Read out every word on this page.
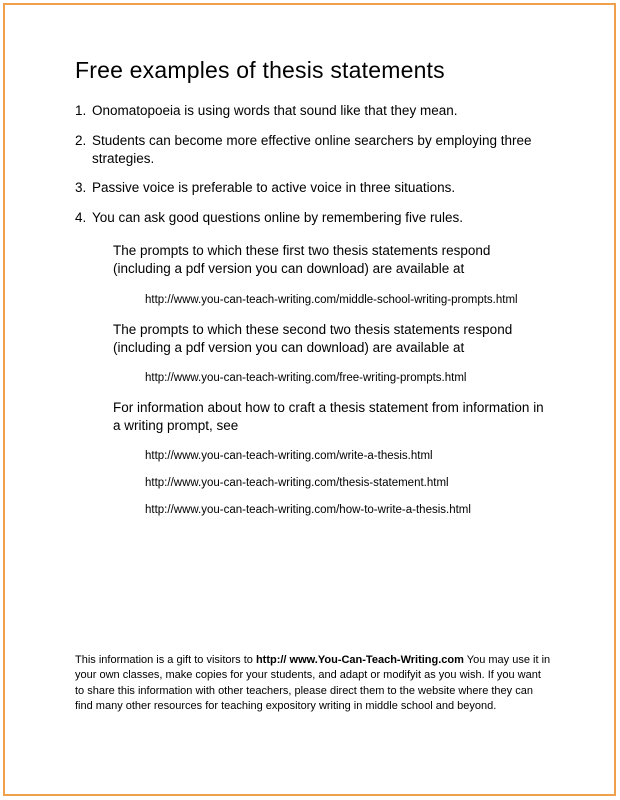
Free examples of thesis statements
1. Onomatopoeia is using words that sound like that they mean.
2. Students can become more effective online searchers by employing three strategies.
3. Passive voice is preferable to active voice in three situations.
4. You can ask good questions online by remembering five rules.

The prompts to which these first two thesis statements respond (including a pdf version you can download) are available at

http://www.you-can-teach-writing.com/middle-school-writing-prompts.html

The prompts to which these second two thesis statements respond (including a pdf version you can download) are available at

http://www.you-can-teach-writing.com/free-writing-prompts.html

For information about how to craft a thesis statement from information in a writing prompt, see

http://www.you-can-teach-writing.com/write-a-thesis.html
http://www.you-can-teach-writing.com/thesis-statement.html
http://www.you-can-teach-writing.com/how-to-write-a-thesis.html

This information is a gift to visitors to http:// www.You-Can-Teach-Writing.com You may use it in your own classes, make copies for your students, and adapt or modifyit as you wish. If you want to share this information with other teachers, please direct them to the website where they can find many other resources for teaching expository writing in middle school and beyond.
